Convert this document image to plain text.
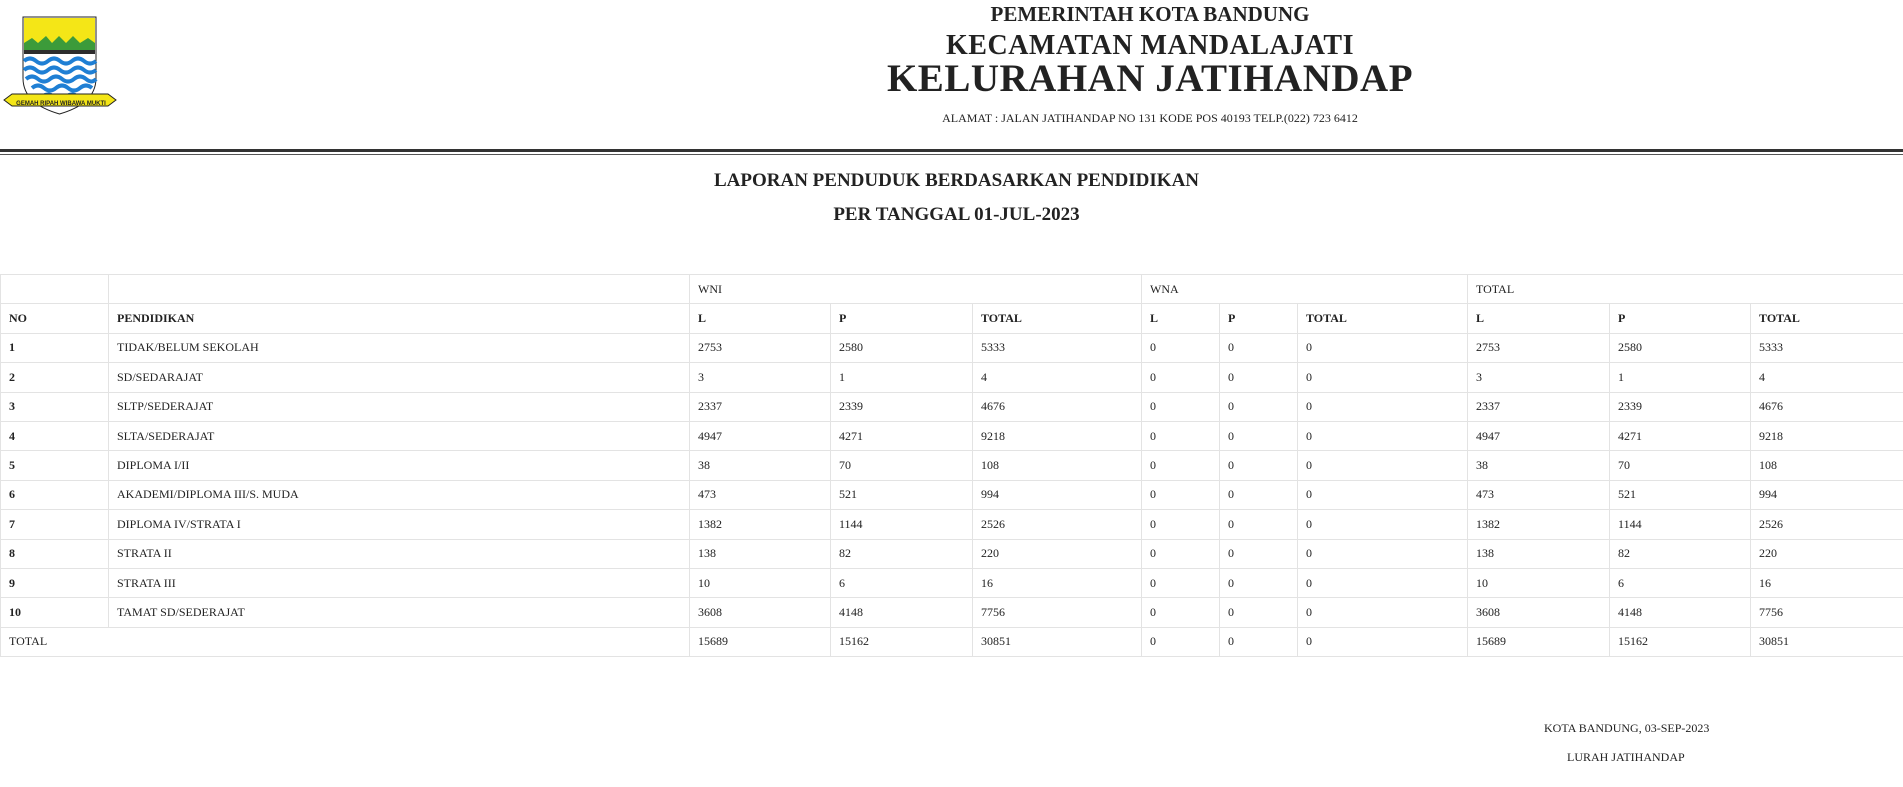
GEMAH RIPAH WIBAWA MUKTI
PEMERINTAH KOTA BANDUNG
KECAMATAN MANDALAJATI
KELURAHAN JATIHANDAP
ALAMAT : JALAN JATIHANDAP NO 131 KODE POS 40193 TELP.(022) 723 6412
LAPORAN PENDUDUK BERDASARKAN PENDIDIKAN
PER TANGGAL 01-JUL-2023
		WNI			WNA			TOTAL		
NO	PENDIDIKAN	L	P	TOTAL	L	P	TOTAL	L	P	TOTAL
1	TIDAK/BELUM SEKOLAH	2753	2580	5333	0	0	0	2753	2580	5333
2	SD/SEDARAJAT	3	1	4	0	0	0	3	1	4
3	SLTP/SEDERAJAT	2337	2339	4676	0	0	0	2337	2339	4676
4	SLTA/SEDERAJAT	4947	4271	9218	0	0	0	4947	4271	9218
5	DIPLOMA I/II	38	70	108	0	0	0	38	70	108
6	AKADEMI/DIPLOMA III/S. MUDA	473	521	994	0	0	0	473	521	994
7	DIPLOMA IV/STRATA I	1382	1144	2526	0	0	0	1382	1144	2526
8	STRATA II	138	82	220	0	0	0	138	82	220
9	STRATA III	10	6	16	0	0	0	10	6	16
10	TAMAT SD/SEDERAJAT	3608	4148	7756	0	0	0	3608	4148	7756
TOTAL		15689	15162	30851	0	0	0	15689	15162	30851
KOTA BANDUNG, 03-SEP-2023
LURAH JATIHANDAP
